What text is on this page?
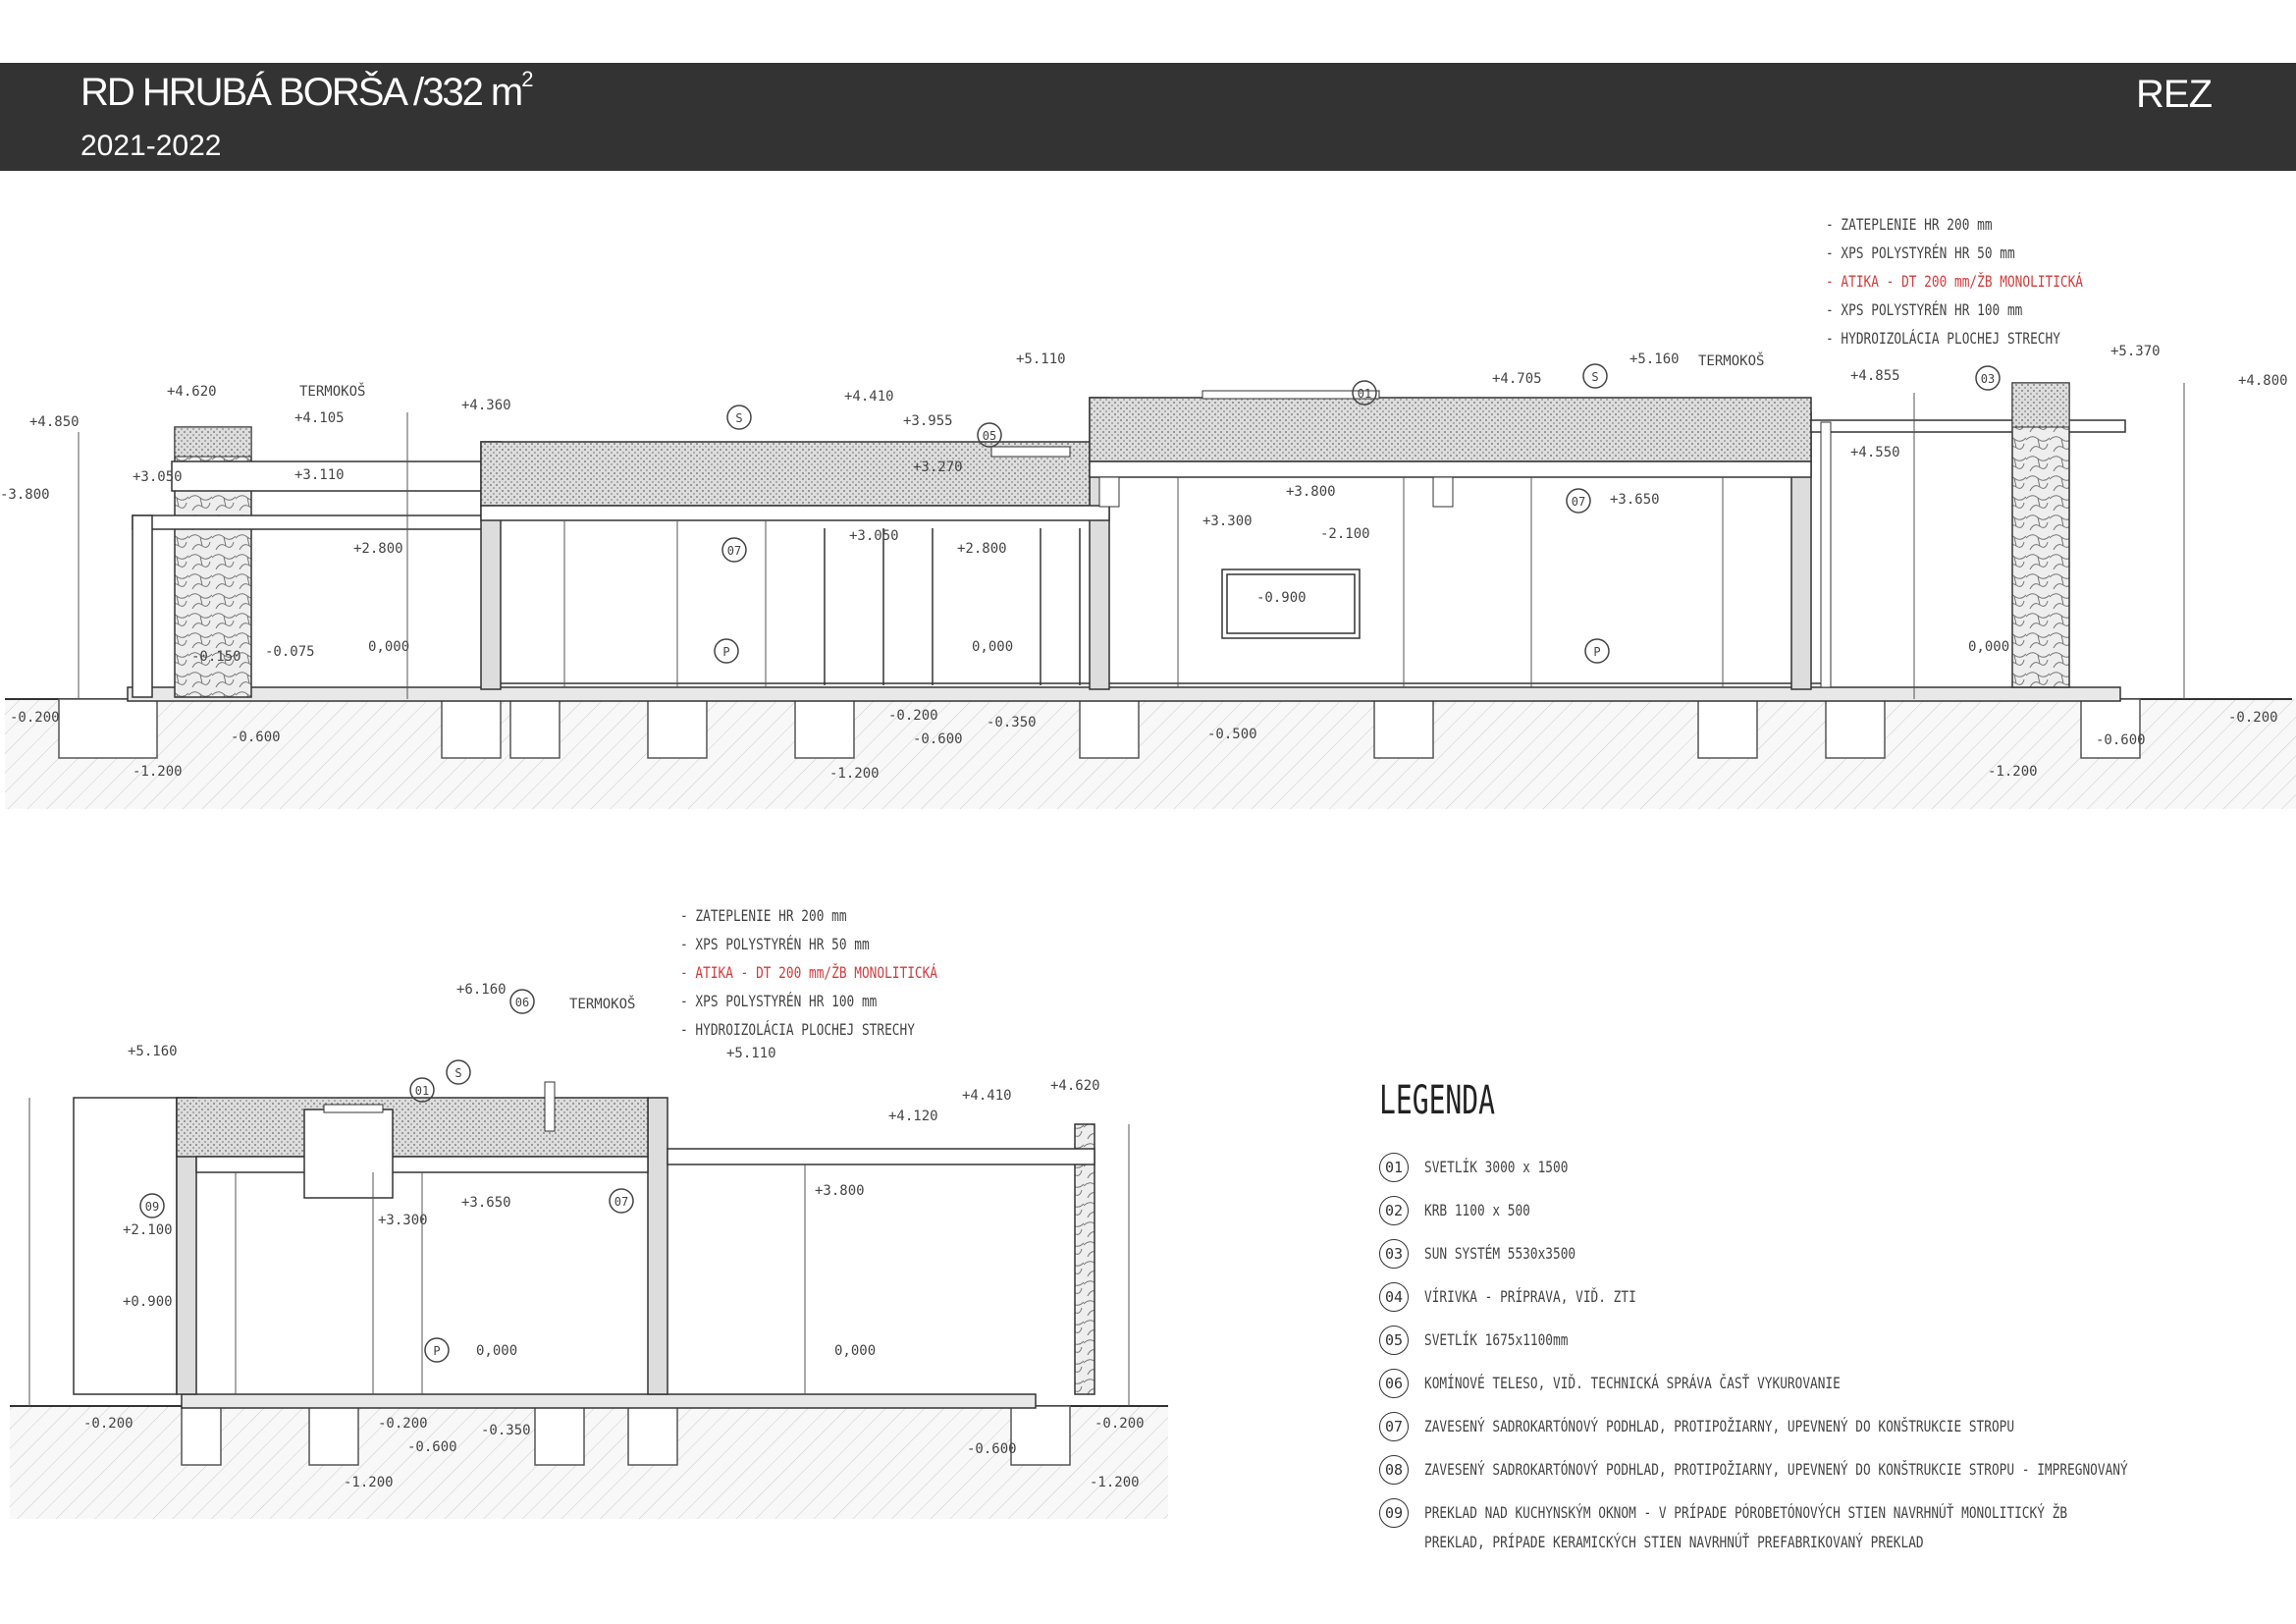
RD HRUBÁ BORŠA /332 $m^2$
2021-2022
REZ
+4.850
+4.620
+4.105
+4.360
+4.410
+3.955
+5.110
+4.705
+5.160
+4.855
+5.370
+4.800
+3.050	+3.110	+3.270
+3.800
+3.300
+3.650
+4.550
-3.800
+2.800
+3.050
+2.800
-2.100
-0.900
-0.150 -0.075	0,000	0,000	0,000
-0.200
-0.600
-1.200
-0.200
-0.600
-0.350
-0.500
-1.200
-0.600
-1.200
-0.200
TERMOKOŠ
TERMOKOŠ
S
P
S
P
01
03
05
07
07
+5.160
+6.160
+5.110
+4.410
+4.620
+4.120
+3.650
+3.300
+3.800
+2.100
+0.900
0,000	0,000
-0.200	-0.200	-0.350
-0.600
-1.200
-0.600
-0.200
-1.200
TERMOKOŠ
S
P
01
06
07
09
- ZATEPLENIE HR 200 mm
- XPS POLYSTYRÉN HR 50 mm
- ATIKA - DT 200 mm/ŽB MONOLITICKÁ
- XPS POLYSTYRÉN HR 100 mm
- HYDROIZOLÁCIA PLOCHEJ STRECHY
- ZATEPLENIE HR 200 mm
- XPS POLYSTYRÉN HR 50 mm
- ATIKA - DT 200 mm/ŽB MONOLITICKÁ
- XPS POLYSTYRÉN HR 100 mm
- HYDROIZOLÁCIA PLOCHEJ STRECHY
LEGENDA
01	SVETLÍK 3000 x 1500
02	KRB 1100 x 500
03	SUN SYSTÉM 5530x3500
04	VÍRIVKA - PRÍPRAVA, VIĎ. ZTI
05	SVETLÍK 1675x1100mm
06	KOMÍNOVÉ TELESO, VIĎ. TECHNICKÁ SPRÁVA ČASŤ VYKUROVANIE
07	ZAVESENÝ SADROKARTÓNOVÝ PODHLAD, PROTIPOŽIARNY, UPEVNENÝ DO KONŠTRUKCIE STROPU
08	ZAVESENÝ SADROKARTÓNOVÝ PODHLAD, PROTIPOŽIARNY, UPEVNENÝ DO KONŠTRUKCIE STROPU - IMPREGNOVANÝ
09	PREKLAD NAD KUCHYNSKÝM OKNOM - V PRÍPADE PÓROBETÓNOVÝCH STIEN NAVRHNÚŤ MONOLITICKÝ ŽB PREKLAD, PRÍPADE KERAMICKÝCH STIEN NAVRHNÚŤ PREFABRIKOVANÝ PREKLAD
